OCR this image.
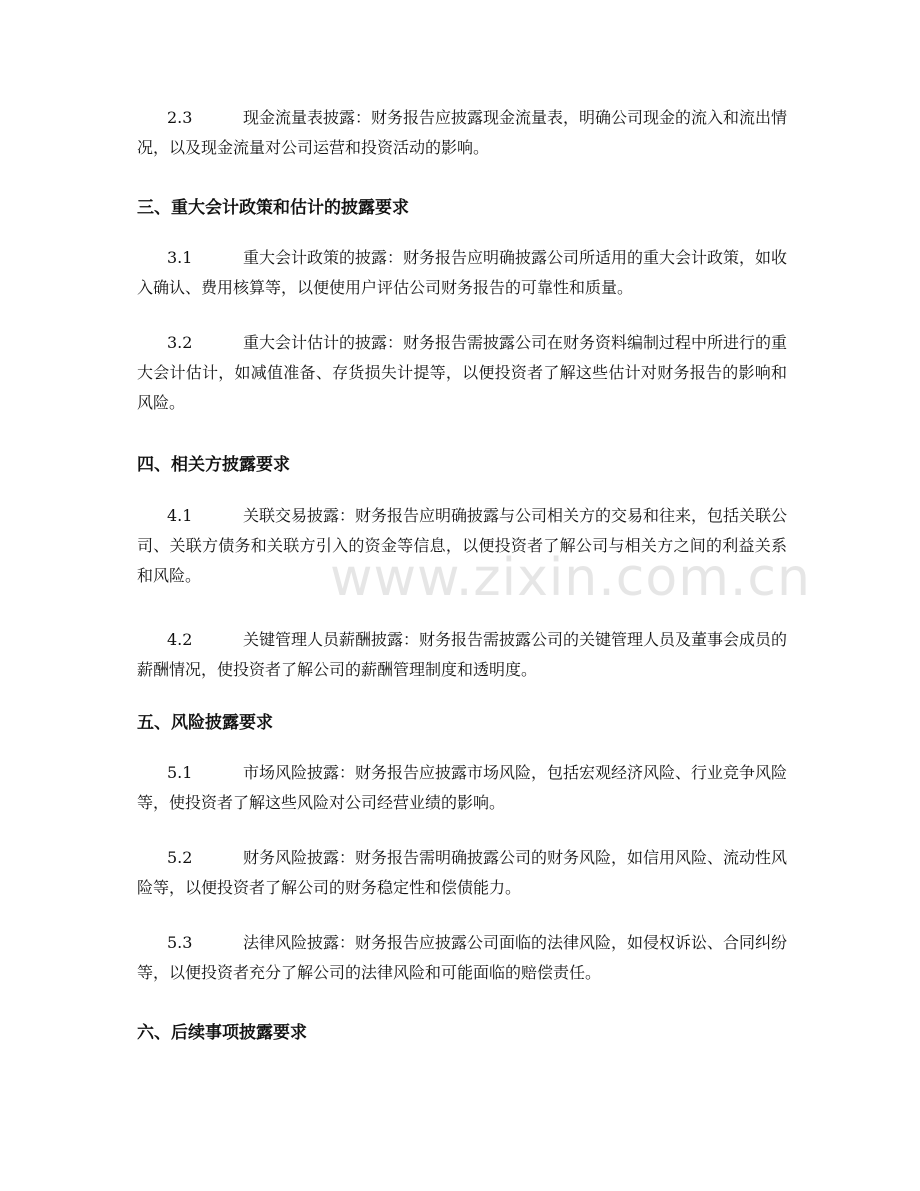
www.zixin.com.cn

2.3	现金流量表披露：财务报告应披露现金流量表，明确公司现金的流入和流出情况，以及现金流量对公司运营和投资活动的影响。

三、重大会计政策和估计的披露要求

3.1	重大会计政策的披露：财务报告应明确披露公司所适用的重大会计政策，如收入确认、费用核算等，以便使用户评估公司财务报告的可靠性和质量。

3.2	重大会计估计的披露：财务报告需披露公司在财务资料编制过程中所进行的重大会计估计，如减值准备、存货损失计提等，以便投资者了解这些估计对财务报告的影响和风险。

四、相关方披露要求

4.1	关联交易披露：财务报告应明确披露与公司相关方的交易和往来，包括关联公司、关联方债务和关联方引入的资金等信息，以便投资者了解公司与相关方之间的利益关系和风险。

4.2	关键管理人员薪酬披露：财务报告需披露公司的关键管理人员及董事会成员的薪酬情况，使投资者了解公司的薪酬管理制度和透明度。

五、风险披露要求

5.1	市场风险披露：财务报告应披露市场风险，包括宏观经济风险、行业竞争风险等，使投资者了解这些风险对公司经营业绩的影响。

5.2	财务风险披露：财务报告需明确披露公司的财务风险，如信用风险、流动性风险等，以便投资者了解公司的财务稳定性和偿债能力。

5.3	法律风险披露：财务报告应披露公司面临的法律风险，如侵权诉讼、合同纠纷等，以便投资者充分了解公司的法律风险和可能面临的赔偿责任。

六、后续事项披露要求
